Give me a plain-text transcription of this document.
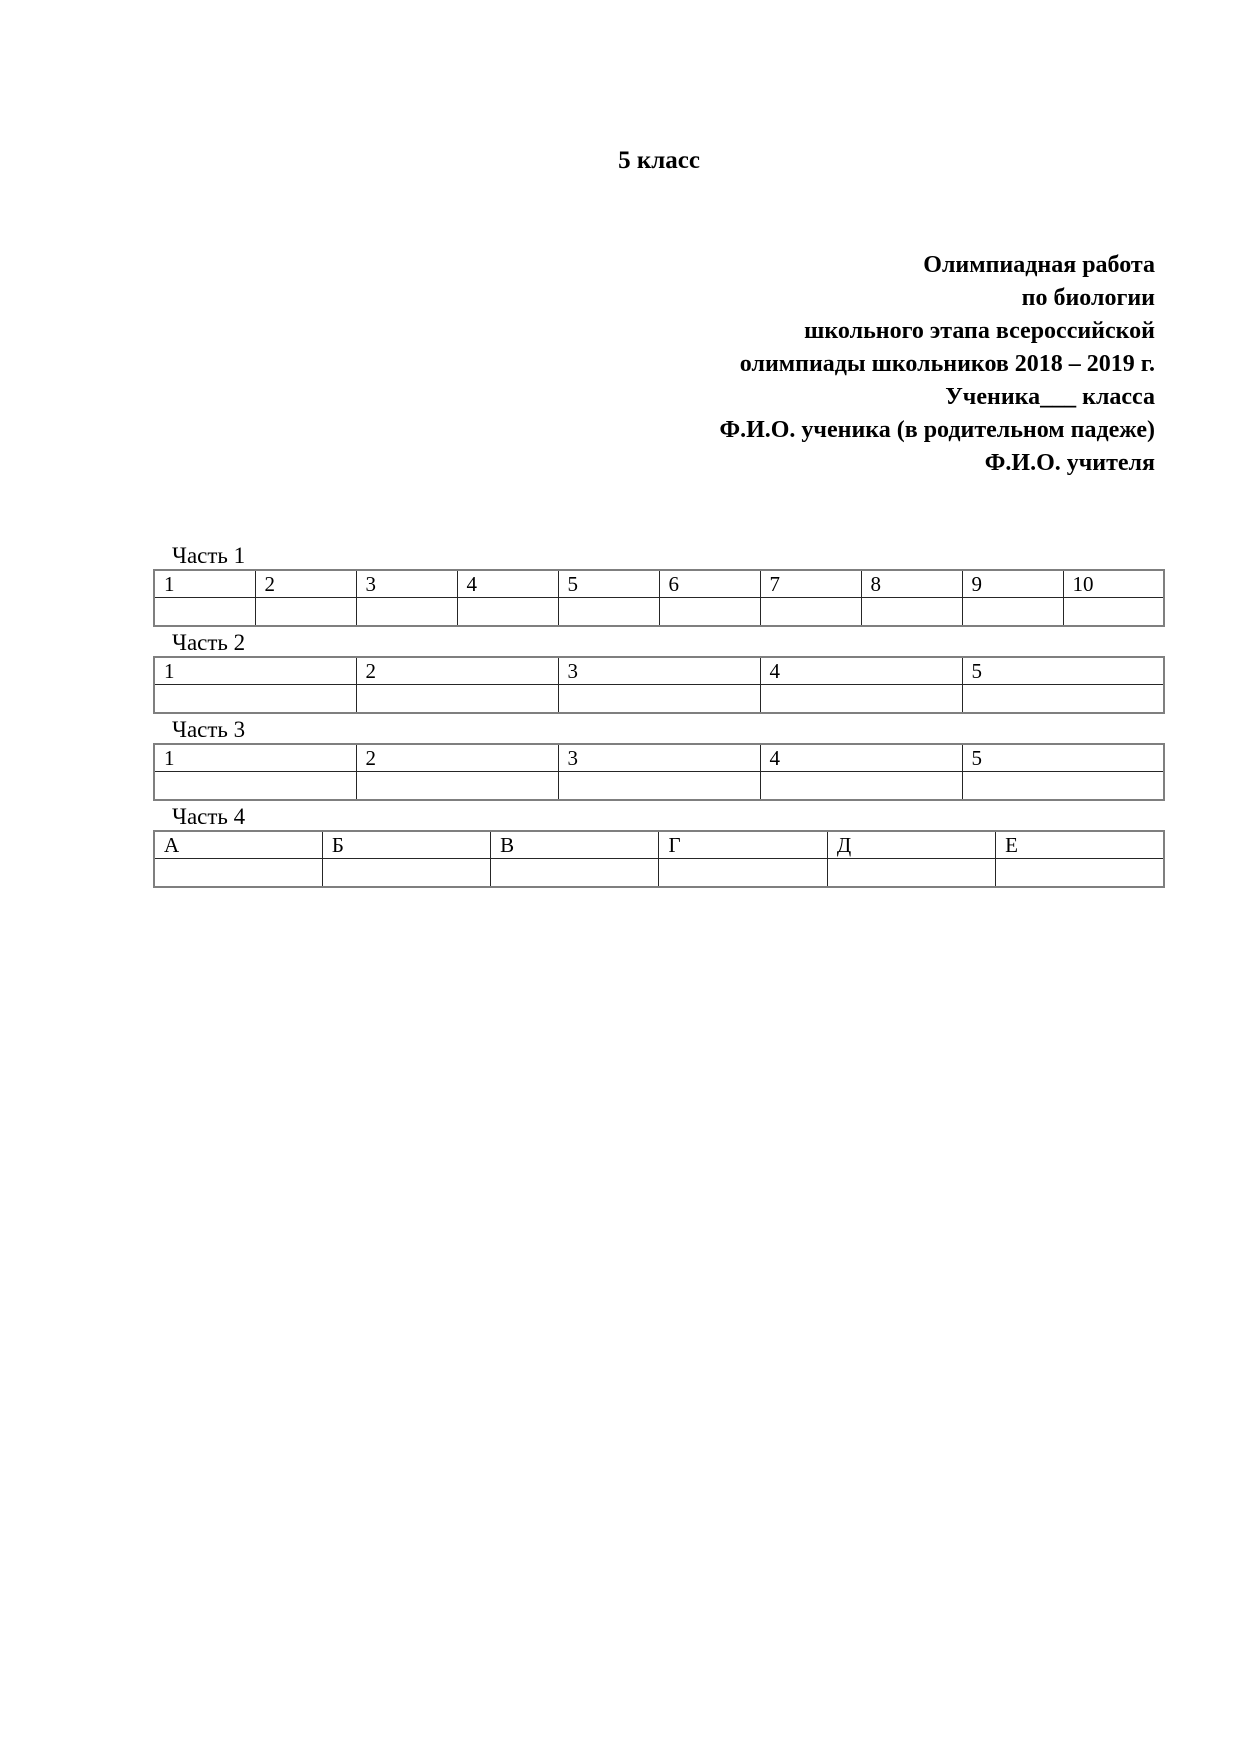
5 класс
Олимпиадная работа
по биологии
школьного этапа всероссийской
олимпиады школьников 2018 – 2019 г.
Ученика___ класса
Ф.И.О. ученика (в родительном падеже)
Ф.И.О. учителя
Часть 1
1	2	3	4	5	6	7	8	9	10

Часть 2
1	2	3	4	5

Часть 3
1	2	3	4	5

Часть 4
А	Б	В	Г	Д	Е
